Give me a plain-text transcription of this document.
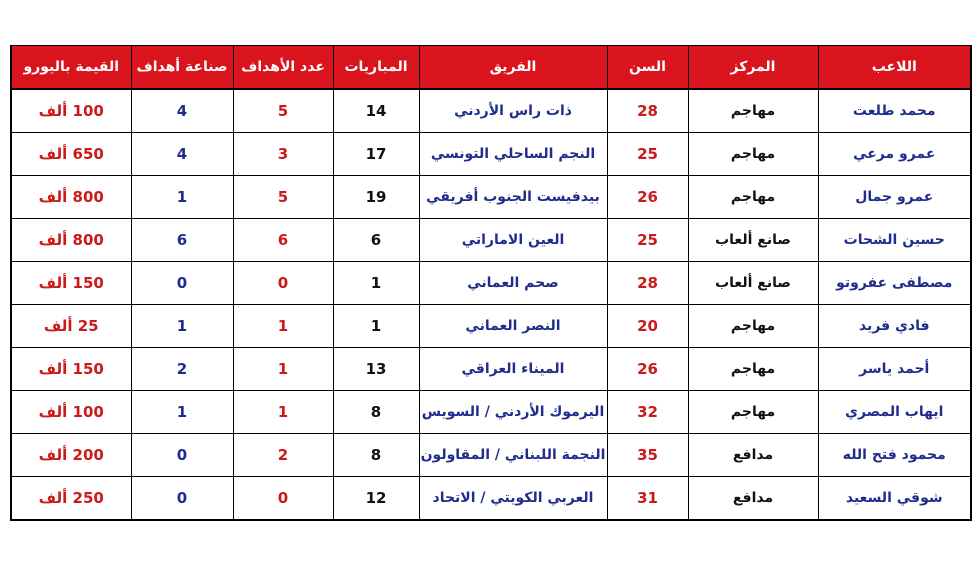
اللاعب	المركز	السن	الفريق	المباريات	عدد الأهداف	صناعة أهداف	القيمة باليورو
محمد طلعت	مهاجم	28	ذات راس الأردني	14	5	4	100 ألف
عمرو مرعي	مهاجم	25	النجم الساحلي التونسي	17	3	4	650 ألف
عمرو جمال	مهاجم	26	بيدفيست الجنوب أفريقي	19	5	1	800 ألف
حسين الشحات	صانع ألعاب	25	العين الاماراتي	6	6	6	800 ألف
مصطفى عفروتو	صانع ألعاب	28	صحم العماني	1	0	0	150 ألف
فادي فريد	مهاجم	20	النصر العماني	1	1	1	25 ألف
أحمد ياسر	مهاجم	26	الميناء العراقي	13	1	2	150 ألف
ايهاب المصري	مهاجم	32	اليرموك الأردني / السويس	8	1	1	100 ألف
محمود فتح الله	مدافع	35	النجمة اللبناني / المقاولون	8	2	0	200 ألف
شوقي السعيد	مدافع	31	العربي الكويتي / الاتحاد	12	0	0	250 ألف
